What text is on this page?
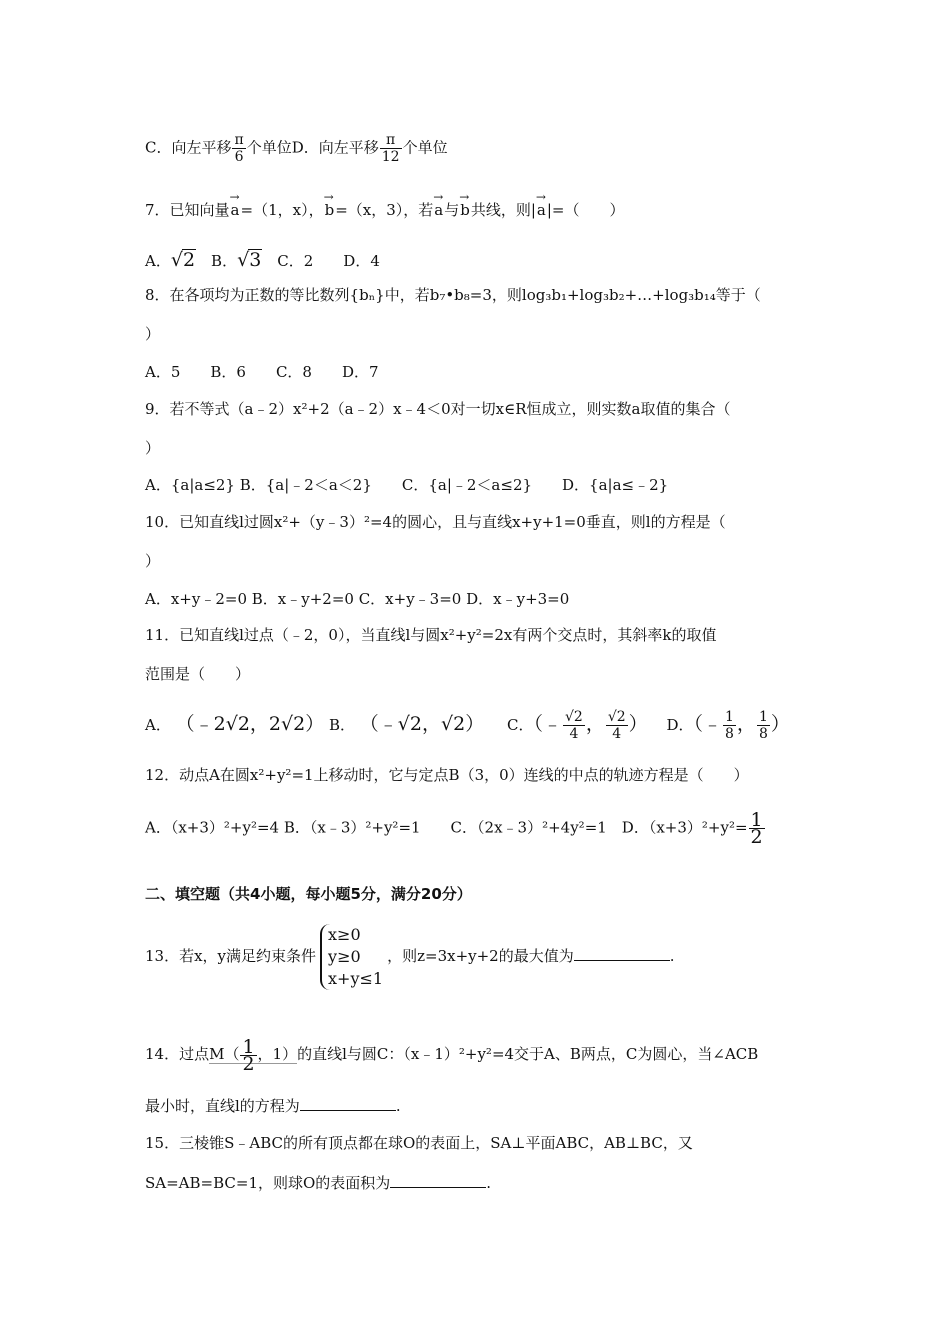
C．向左平移 $\frac{\pi}{6}$ 个单位D．向左平移 $\frac{\pi}{12}$ 个单位
7．已知向量→ a=（1，x），→ b=（x，3），若→ a与→ b共线，则|→ a|=（　　）
A．√2　B．√3　C．2　　D．4
8．在各项均为正数的等比数列{bₙ}中，若b₇•b₈=3，则log₃b₁+log₃b₂+…+log₃b₁₄等于（
）
A．5　　B．6　　C．8　　D．7
9．若不等式（a﹣2）x²+2（a﹣2）x﹣4＜0对一切x∈R恒成立，则实数a取值的集合（
）
A．{a|a≤2} B．{a|﹣2＜a＜2}　　C．{a|﹣2＜a≤2}　　D．{a|a≤﹣2}
10．已知直线l过圆x²+（y﹣3）²=4的圆心，且与直线x+y+1=0垂直，则l的方程是（
）
A．x+y﹣2=0 B．x﹣y+2=0 C．x+y﹣3=0 D．x﹣y+3=0
11．已知直线l过点（﹣2，0），当直线l与圆x²+y²=2x有两个交点时，其斜率k的取值
范围是（　　）
A． （﹣2√2，2√2） B． （﹣√2，√2） C．（﹣ $\frac{√2}{4}$ ， $\frac{√2}{4}$ ） D．（﹣ $\frac{1}{8}$ ， $\frac{1}{8}$ ）
12．动点A在圆x²+y²=1上移动时，它与定点B（3，0）连线的中点的轨迹方程是（　　）
A．（x+3）²+y²=4 B．（x﹣3）²+y²=1　　C．（2x﹣3）²+4y²=1　D．$(x+3)^2+y^2= \frac{1}{2}$
二、填空题（共4小题，每小题5分，满分20分）
13．若x，y满足约束条件
x≥0
y≥0
x+y≤1
，则z=3x+y+2的最大值为	.
14．过点$M( \frac{1}{2}$ ，1）的直线l与圆C：（x﹣1）²+y²=4交于A、B两点，C为圆心，当∠ACB
最小时，直线l的方程为	.
15．三棱锥S﹣ABC的所有顶点都在球O的表面上，SA⊥平面ABC，AB⊥BC，又
SA=AB=BC=1，则球O的表面积为	.
